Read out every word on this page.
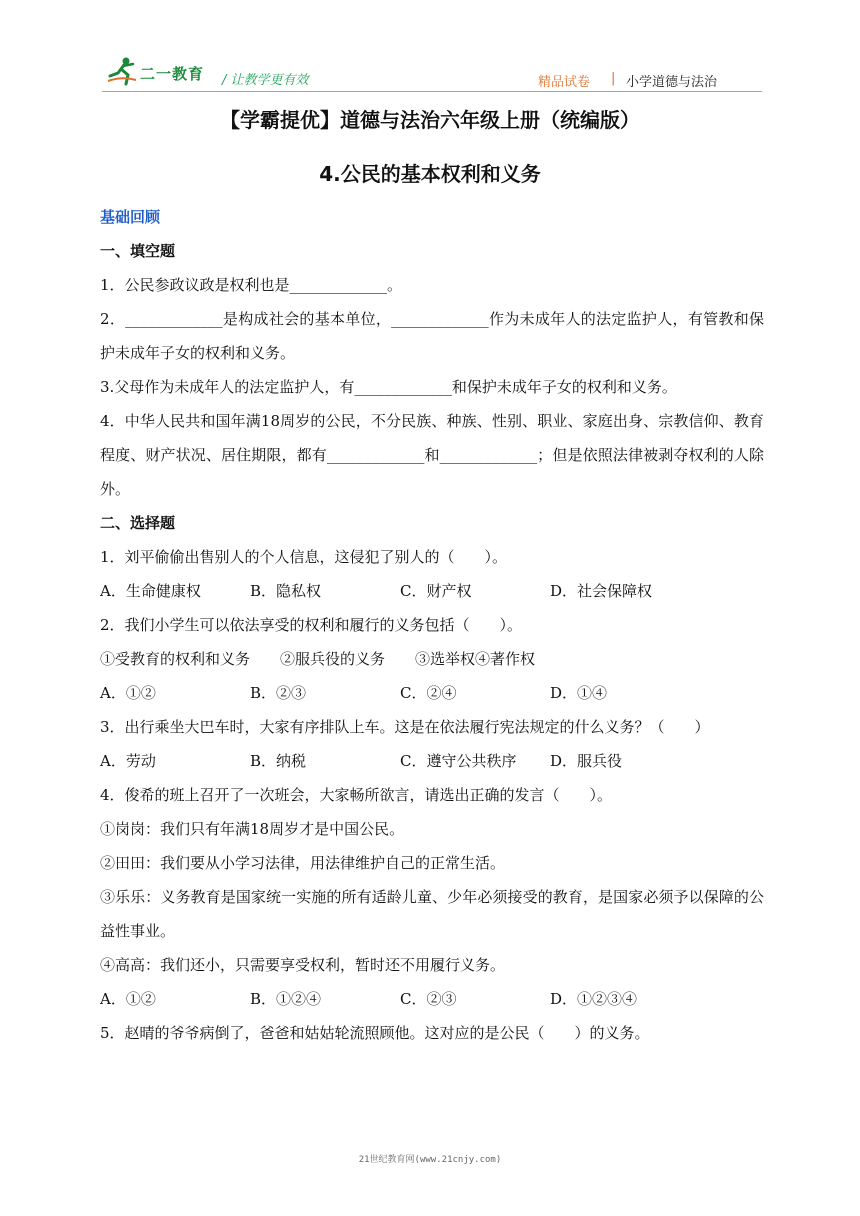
二一教育 / 让教学更有效	精品试卷 | 小学道德与法治
【学霸提优】道德与法治六年级上册（统编版）
4.公民的基本权利和义务
基础回顾
一、填空题
1．公民参政议政是权利也是_____________。
2．_____________是构成社会的基本单位，_____________作为未成年人的法定监护人，有管教和保护未成年子女的权利和义务。
3.父母作为未成年人的法定监护人，有_____________和保护未成年子女的权利和义务。
4．中华人民共和国年满18周岁的公民，不分民族、种族、性别、职业、家庭出身、宗教信仰、教育程度、财产状况、居住期限，都有_____________和_____________；但是依照法律被剥夺权利的人除外。
二、选择题
1．刘平偷偷出售别人的个人信息，这侵犯了别人的（　　）。
A．生命健康权	B．隐私权	C．财产权	D．社会保障权
2．我们小学生可以依法享受的权利和履行的义务包括（　　）。
①受教育的权利和义务　　②服兵役的义务　　③选举权④著作权
A．①②	B．②③	C．②④	D．①④
3．出行乘坐大巴车时，大家有序排队上车。这是在依法履行宪法规定的什么义务？（　　）
A．劳动	B．纳税	C．遵守公共秩序	D．服兵役
4．俊希的班上召开了一次班会，大家畅所欲言，请选出正确的发言（　　）。
①岗岗：我们只有年满18周岁才是中国公民。
②田田：我们要从小学习法律，用法律维护自己的正常生活。
③乐乐：义务教育是国家统一实施的所有适龄儿童、少年必须接受的教育，是国家必须予以保障的公益性事业。
④高高：我们还小，只需要享受权利，暂时还不用履行义务。
A．①②	B．①②④	C．②③	D．①②③④
5．赵晴的爷爷病倒了，爸爸和姑姑轮流照顾他。这对应的是公民（　　）的义务。
21世纪教育网(www.21cnjy.com)
